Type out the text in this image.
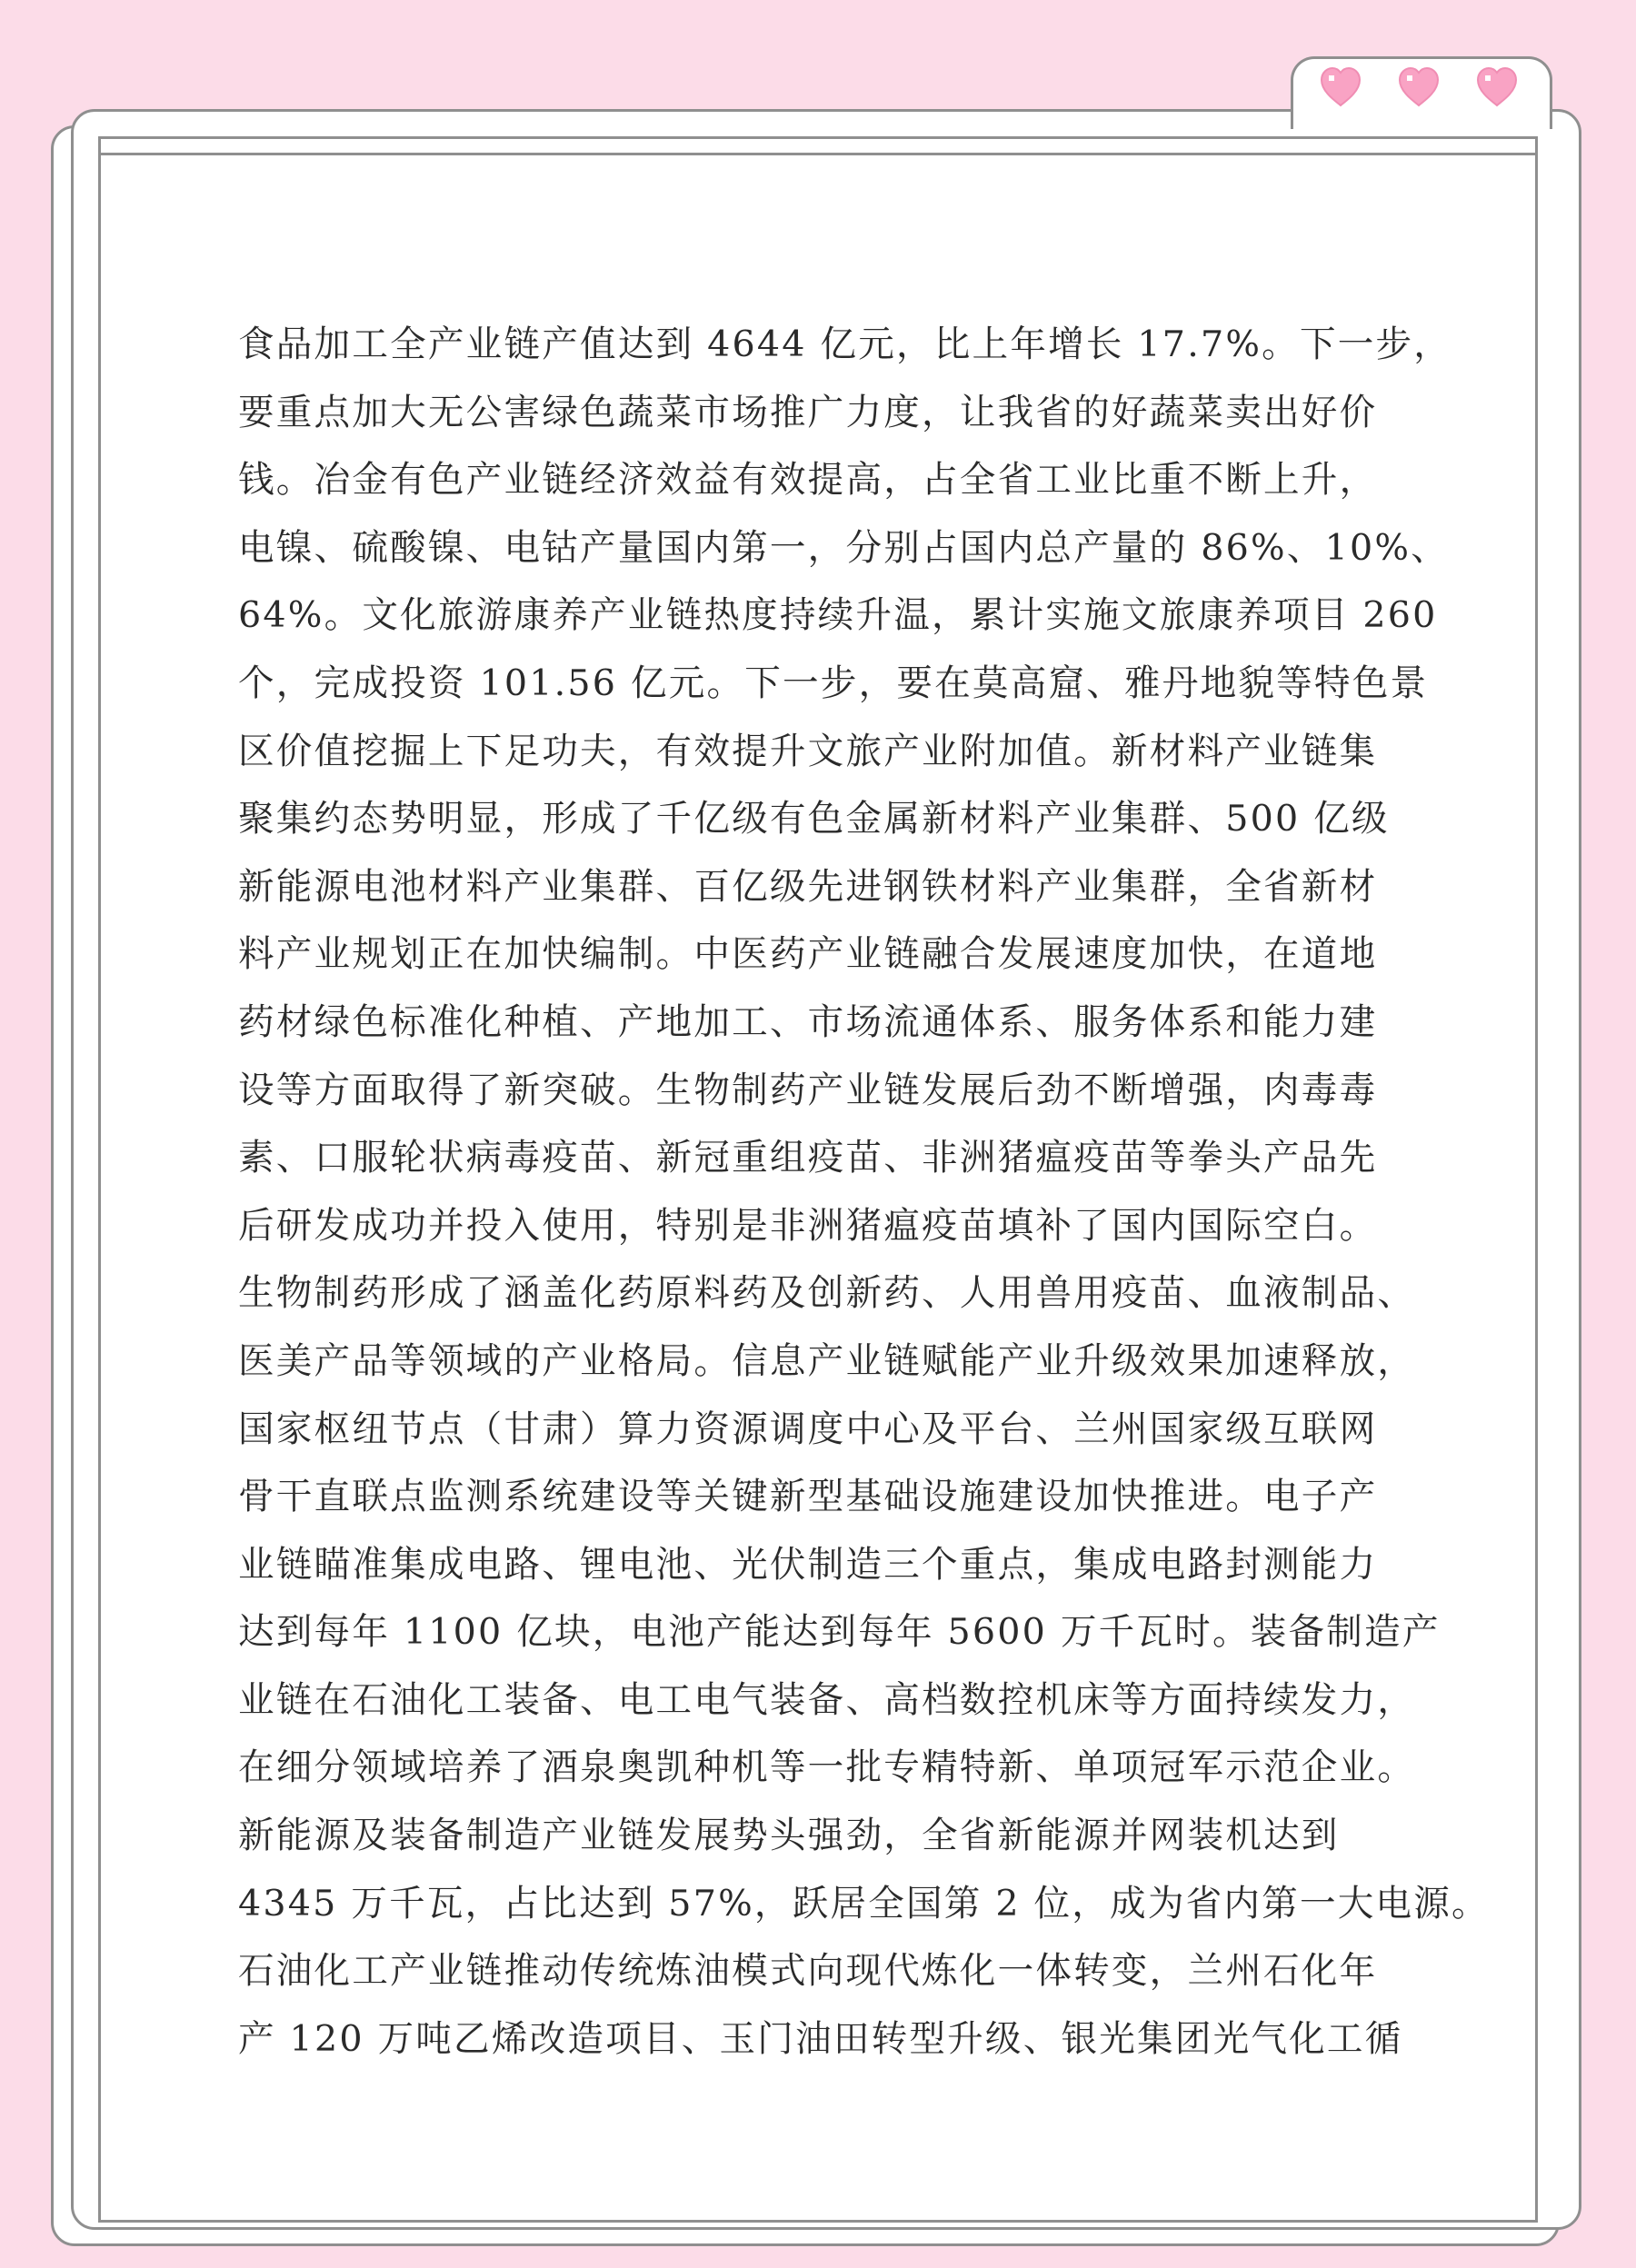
食品加工全产业链产值达到 4644 亿元，比上年增长 17.7%。下一步，
要重点加大无公害绿色蔬菜市场推广力度，让我省的好蔬菜卖出好价
钱。冶金有色产业链经济效益有效提高，占全省工业比重不断上升，
电镍、硫酸镍、电钴产量国内第一，分别占国内总产量的 86%、10%、
64%。文化旅游康养产业链热度持续升温，累计实施文旅康养项目 260
个，完成投资 101.56 亿元。下一步，要在莫高窟、雅丹地貌等特色景
区价值挖掘上下足功夫，有效提升文旅产业附加值。新材料产业链集
聚集约态势明显，形成了千亿级有色金属新材料产业集群、500 亿级
新能源电池材料产业集群、百亿级先进钢铁材料产业集群，全省新材
料产业规划正在加快编制。中医药产业链融合发展速度加快，在道地
药材绿色标准化种植、产地加工、市场流通体系、服务体系和能力建
设等方面取得了新突破。生物制药产业链发展后劲不断增强，肉毒毒
素、口服轮状病毒疫苗、新冠重组疫苗、非洲猪瘟疫苗等拳头产品先
后研发成功并投入使用，特别是非洲猪瘟疫苗填补了国内国际空白。
生物制药形成了涵盖化药原料药及创新药、人用兽用疫苗、血液制品、
医美产品等领域的产业格局。信息产业链赋能产业升级效果加速释放，
国家枢纽节点（甘肃）算力资源调度中心及平台、兰州国家级互联网
骨干直联点监测系统建设等关键新型基础设施建设加快推进。电子产
业链瞄准集成电路、锂电池、光伏制造三个重点，集成电路封测能力
达到每年 1100 亿块，电池产能达到每年 5600 万千瓦时。装备制造产
业链在石油化工装备、电工电气装备、高档数控机床等方面持续发力，
在细分领域培养了酒泉奥凯种机等一批专精特新、单项冠军示范企业。
新能源及装备制造产业链发展势头强劲，全省新能源并网装机达到
4345 万千瓦，占比达到 57%，跃居全国第 2 位，成为省内第一大电源。
石油化工产业链推动传统炼油模式向现代炼化一体转变，兰州石化年
产 120 万吨乙烯改造项目、玉门油田转型升级、银光集团光气化工循
